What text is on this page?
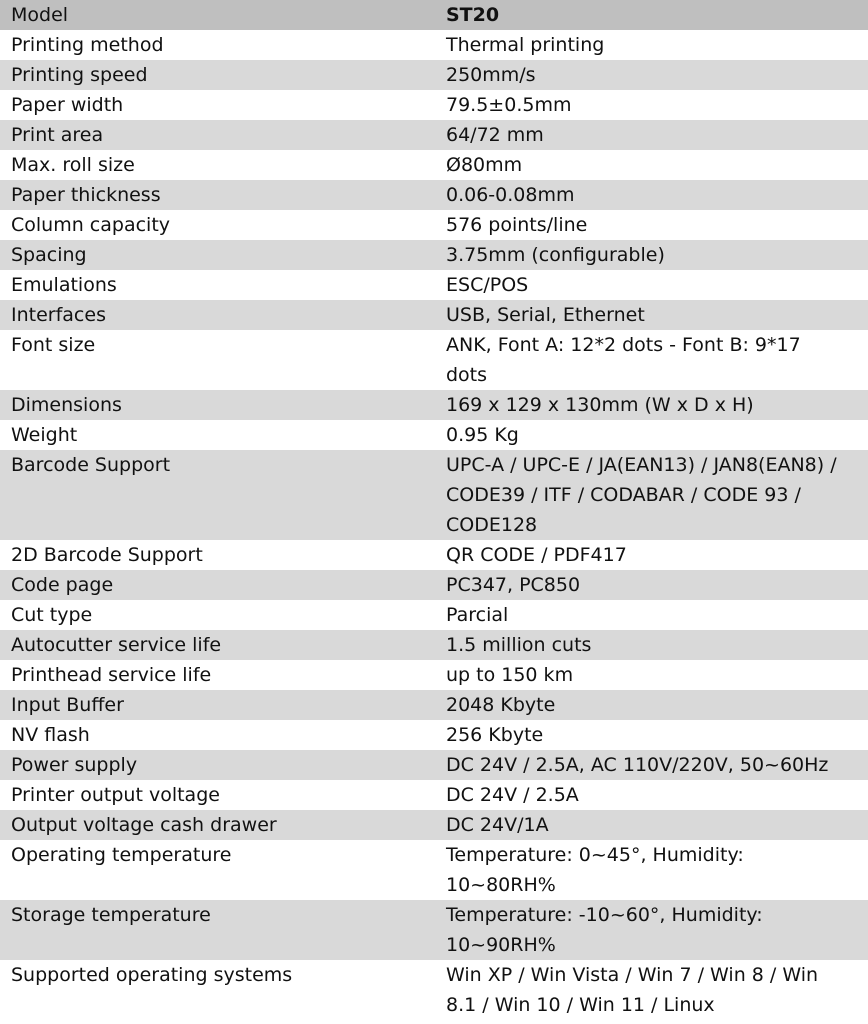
Model	ST20
Printing method	Thermal printing
Printing speed	250mm/s
Paper width	79.5±0.5mm
Print area	64/72 mm
Max. roll size	Ø80mm
Paper thickness	0.06-0.08mm
Column capacity	576 points/line
Spacing	3.75mm (configurable)
Emulations	ESC/POS
Interfaces	USB, Serial, Ethernet
Font size	ANK, Font A: 12*2 dots - Font B: 9*17 dots
Dimensions	169 x 129 x 130mm (W x D x H)
Weight	0.95 Kg
Barcode Support	UPC-A / UPC-E / JA(EAN13) / JAN8(EAN8) / CODE39 / ITF / CODABAR / CODE 93 / CODE128
2D Barcode Support	QR CODE / PDF417
Code page	PC347, PC850
Cut type	Parcial
Autocutter service life	1.5 million cuts
Printhead service life	up to 150 km
Input Buffer	2048 Kbyte
NV flash	256 Kbyte
Power supply	DC 24V / 2.5A, AC 110V/220V, 50~60Hz
Printer output voltage	DC 24V / 2.5A
Output voltage cash drawer	DC 24V/1A
Operating temperature	Temperature: 0~45°, Humidity: 10~80RH%
Storage temperature	Temperature: -10~60°, Humidity: 10~90RH%
Supported operating systems	Win XP / Win Vista / Win 7 / Win 8 / Win 8.1 / Win 10 / Win 11 / Linux
